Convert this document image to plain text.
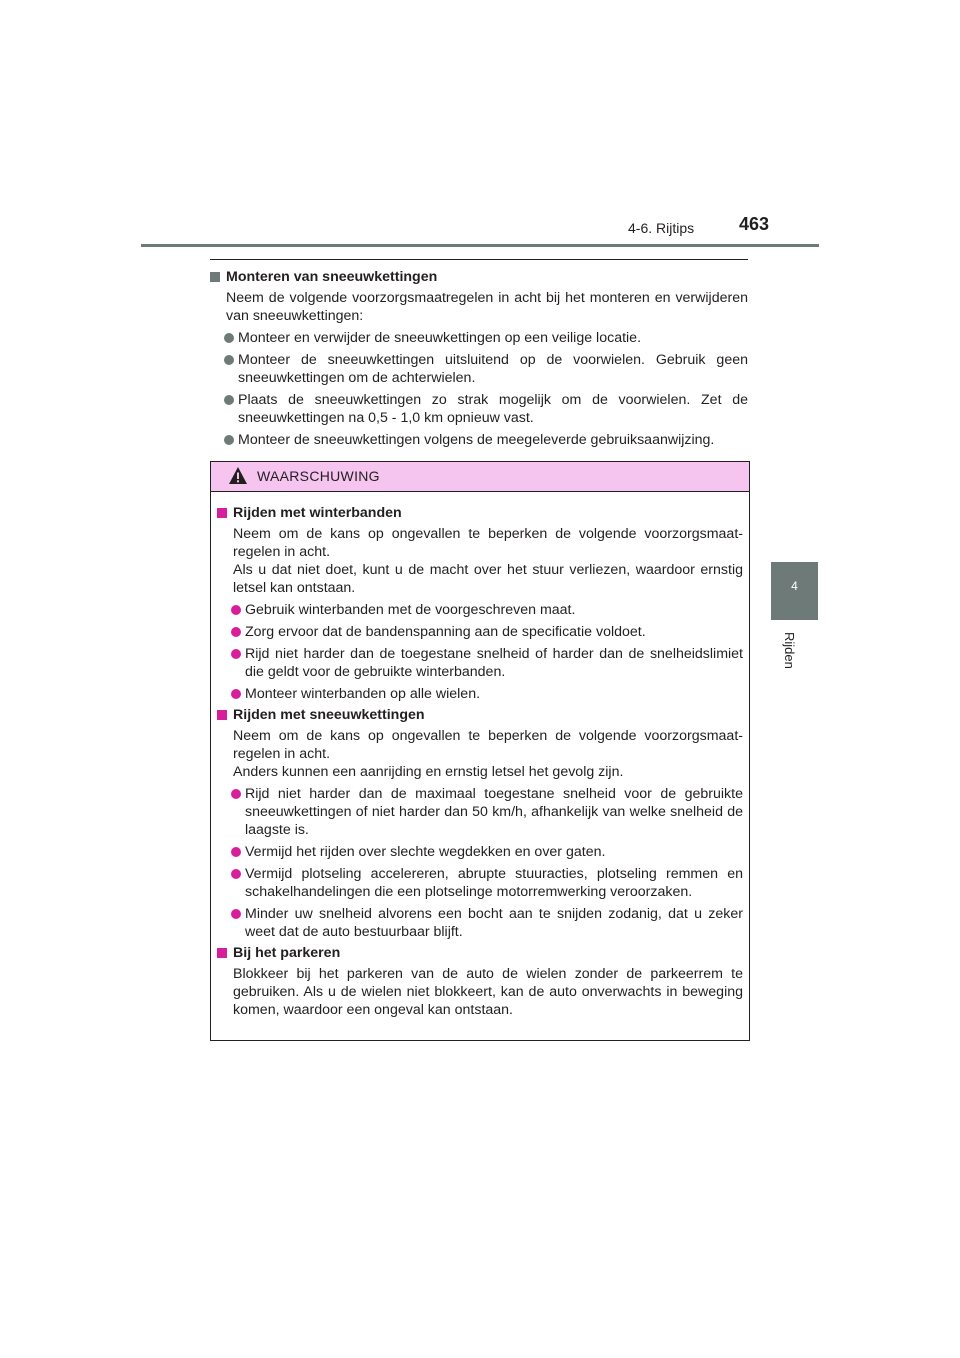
4-6. Rijtips 463
4
Rijden
Monteren van sneeuwkettingen
Neem de volgende voorzorgsmaatregelen in acht bij het monteren en verwijderen van sneeuwkettingen:
Monteer en verwijder de sneeuwkettingen op een veilige locatie.
Monteer de sneeuwkettingen uitsluitend op de voorwielen. Gebruik geen sneeuwkettingen om de achterwielen.
Plaats de sneeuwkettingen zo strak mogelijk om de voorwielen. Zet de sneeuwkettingen na 0,5 - 1,0 km opnieuw vast.
Monteer de sneeuwkettingen volgens de meegeleverde gebruiksaanwijzing.
WAARSCHUWING
Rijden met winterbanden
Neem om de kans op ongevallen te beperken de volgende voorzorgsmaatregelen in acht.
Als u dat niet doet, kunt u de macht over het stuur verliezen, waardoor ernstig letsel kan ontstaan.
Gebruik winterbanden met de voorgeschreven maat.
Zorg ervoor dat de bandenspanning aan de specificatie voldoet.
Rijd niet harder dan de toegestane snelheid of harder dan de snelheidslimiet die geldt voor de gebruikte winterbanden.
Monteer winterbanden op alle wielen.
Rijden met sneeuwkettingen
Neem om de kans op ongevallen te beperken de volgende voorzorgsmaatregelen in acht.
Anders kunnen een aanrijding en ernstig letsel het gevolg zijn.
Rijd niet harder dan de maximaal toegestane snelheid voor de gebruikte sneeuwkettingen of niet harder dan 50 km/h, afhankelijk van welke snelheid de laagste is.
Vermijd het rijden over slechte wegdekken en over gaten.
Vermijd plotseling accelereren, abrupte stuuracties, plotseling remmen en schakelhandelingen die een plotselinge motorremwerking veroorzaken.
Minder uw snelheid alvorens een bocht aan te snijden zodanig, dat u zeker weet dat de auto bestuurbaar blijft.
Bij het parkeren
Blokkeer bij het parkeren van de auto de wielen zonder de parkeerrem te gebruiken. Als u de wielen niet blokkeert, kan de auto onverwachts in beweging komen, waardoor een ongeval kan ontstaan.
